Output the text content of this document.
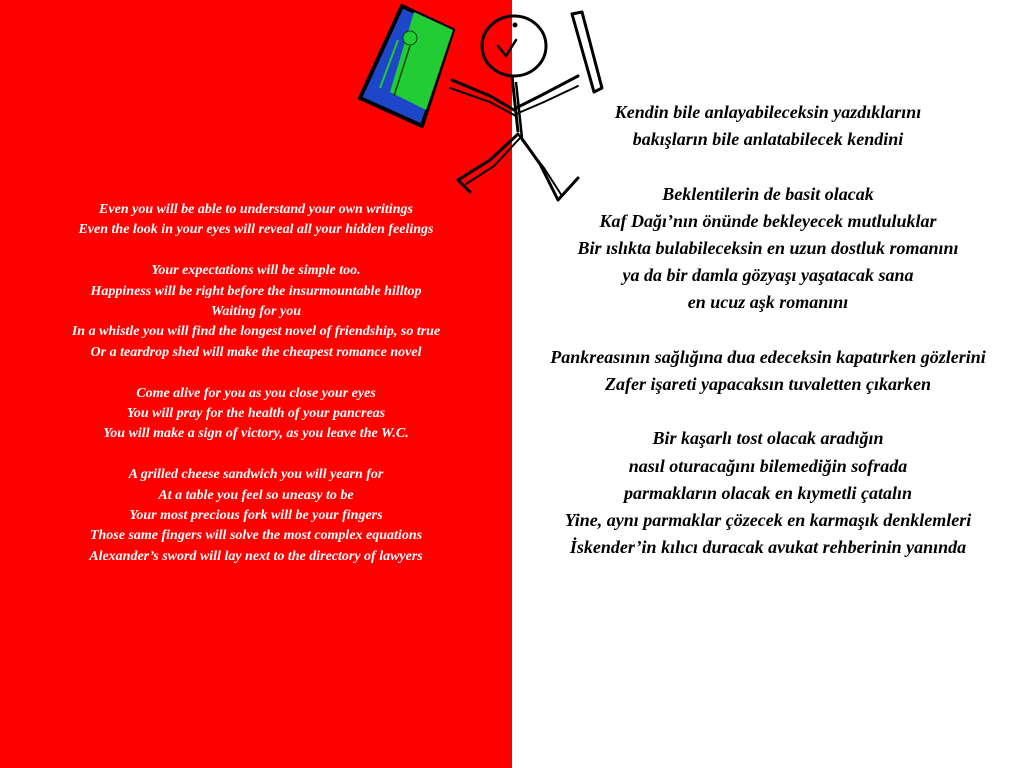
Even you will be able to understand your own writings
Even the look in your eyes will reveal all your hidden feelings
Your expectations will be simple too.
Happiness will be right before the insurmountable hilltop
Waiting for you
In a whistle you will find the longest novel of friendship, so true
Or a teardrop shed will make the cheapest romance novel
Come alive for you as you close your eyes
You will pray for the health of your pancreas
You will make a sign of victory, as you leave the W.C.
A grilled cheese sandwich you will yearn for
At a table you feel so uneasy to be
Your most precious fork will be your fingers
Those same fingers will solve the most complex equations
Alexander’s sword will lay next to the directory of lawyers
Kendin bile anlayabileceksin yazdıklarını
bakışların bile anlatabilecek kendini
Beklentilerin de basit olacak
Kaf Dağı’nın önünde bekleyecek mutluluklar
Bir ıslıkta bulabileceksin en uzun dostluk romanını
ya da bir damla gözyaşı yaşatacak sana
en ucuz aşk romanını
Pankreasının sağlığına dua edeceksin kapatırken gözlerini
Zafer işareti yapacaksın tuvaletten çıkarken
Bir kaşarlı tost olacak aradığın
nasıl oturacağını bilemediğin sofrada
parmakların olacak en kıymetli çatalın
Yine, aynı parmaklar çözecek en karmaşık denklemleri
İskender’in kılıcı duracak avukat rehberinin yanında
